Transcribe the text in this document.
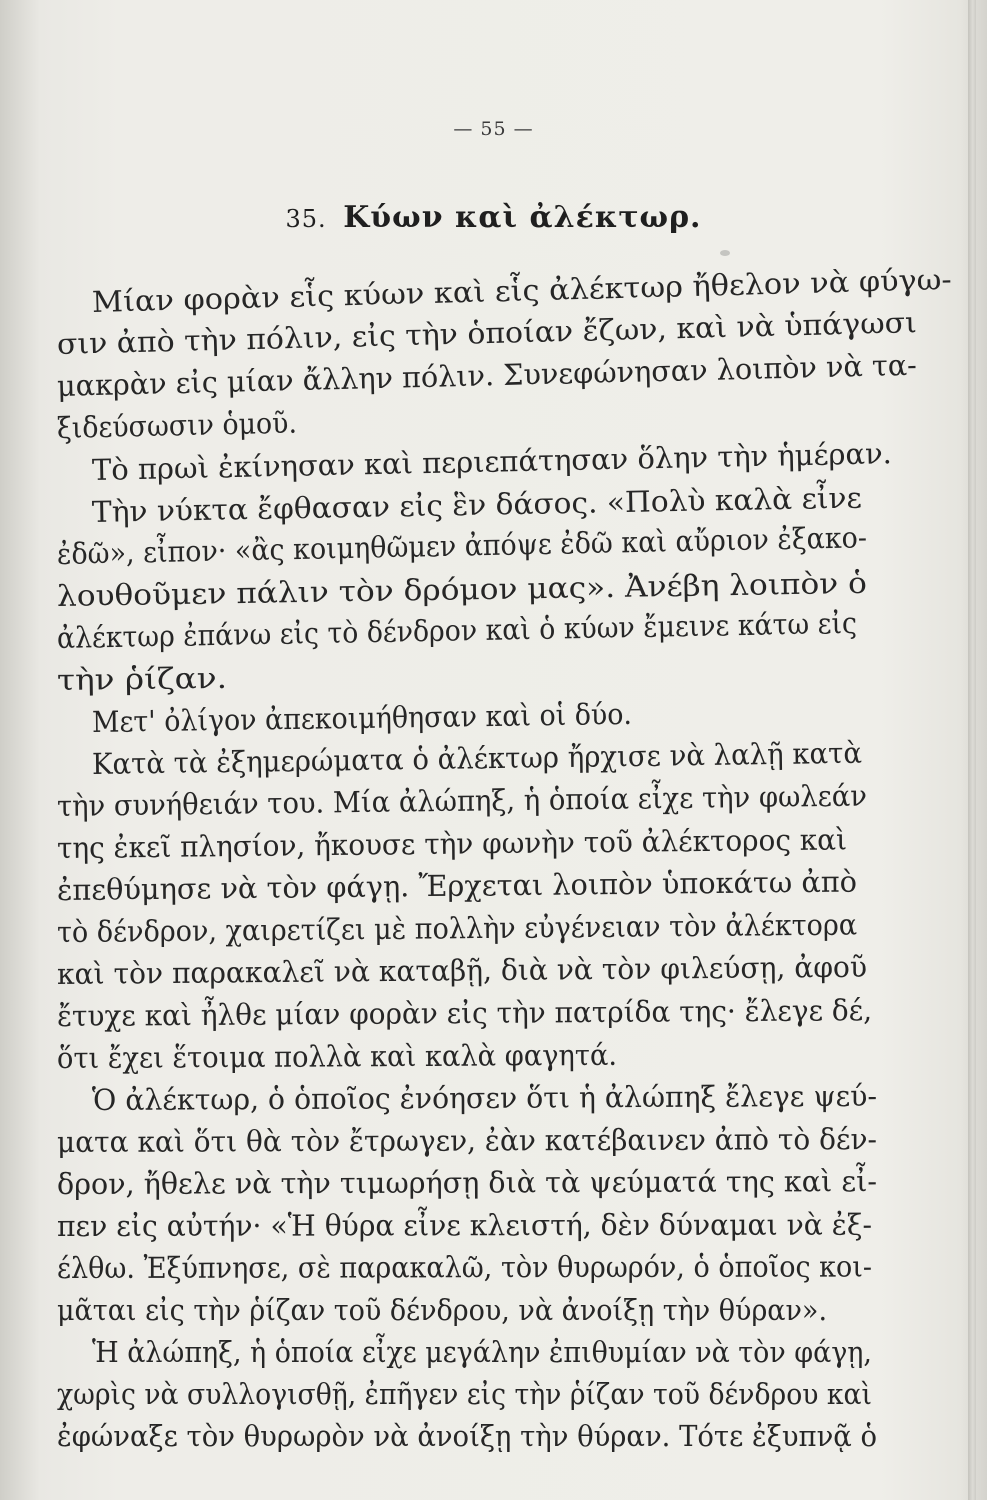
— 55 —
35. Κύων καὶ ἀλέκτωρ.
Μίαν φορὰν εἷς κύων καὶ εἷς ἀλέκτωρ ἤθελον νὰ φύγω-
σιν ἀπὸ τὴν πόλιν, εἰς τὴν ὁποίαν ἔζων, καὶ νὰ ὑπάγωσι
μακρὰν εἰς μίαν ἄλλην πόλιν. Συνεφώνησαν λοιπὸν νὰ τα-
ξιδεύσωσιν ὁμοῦ.
Τὸ πρωὶ ἐκίνησαν καὶ περιεπάτησαν ὅλην τὴν ἡμέραν.
Τὴν νύκτα ἔφθασαν εἰς ἓν δάσος. «Πολὺ καλὰ εἶνε
ἐδῶ», εἶπον· «ἂς κοιμηθῶμεν ἀπόψε ἐδῶ καὶ αὔριον ἐξακο-
λουθοῦμεν πάλιν τὸν δρόμον μας». Ἀνέβη λοιπὸν ὁ
ἀλέκτωρ ἐπάνω εἰς τὸ δένδρον καὶ ὁ κύων ἔμεινε κάτω εἰς
τὴν ῥίζαν.
Μετ' ὀλίγον ἀπεκοιμήθησαν καὶ οἱ δύο.
Κατὰ τὰ ἐξημερώματα ὁ ἀλέκτωρ ἤρχισε νὰ λαλῇ κατὰ
τὴν συνήθειάν του. Μία ἀλώπηξ, ἡ ὁποία εἶχε τὴν φωλεάν
της ἐκεῖ πλησίον, ἤκουσε τὴν φωνὴν τοῦ ἀλέκτορος καὶ
ἐπεθύμησε νὰ τὸν φάγῃ. Ἔρχεται λοιπὸν ὑποκάτω ἀπὸ
τὸ δένδρον, χαιρετίζει μὲ πολλὴν εὐγένειαν τὸν ἀλέκτορα
καὶ τὸν παρακαλεῖ νὰ καταβῇ, διὰ νὰ τὸν φιλεύσῃ, ἀφοῦ
ἔτυχε καὶ ἦλθε μίαν φορὰν εἰς τὴν πατρίδα της· ἔλεγε δέ,
ὅτι ἔχει ἕτοιμα πολλὰ καὶ καλὰ φαγητά.
Ὁ ἀλέκτωρ, ὁ ὁποῖος ἐνόησεν ὅτι ἡ ἀλώπηξ ἔλεγε ψεύ-
ματα καὶ ὅτι θὰ τὸν ἔτρωγεν, ἐὰν κατέβαινεν ἀπὸ τὸ δέν-
δρον, ἤθελε νὰ τὴν τιμωρήσῃ διὰ τὰ ψεύματά της καὶ εἶ-
πεν εἰς αὐτήν· «Ἡ θύρα εἶνε κλειστή, δὲν δύναμαι νὰ ἐξ-
έλθω. Ἐξύπνησε, σὲ παρακαλῶ, τὸν θυρωρόν, ὁ ὁποῖος κοι-
μᾶται εἰς τὴν ῥίζαν τοῦ δένδρου, νὰ ἀνοίξῃ τὴν θύραν».
Ἡ ἀλώπηξ, ἡ ὁποία εἶχε μεγάλην ἐπιθυμίαν νὰ τὸν φάγῃ,
χωρὶς νὰ συλλογισθῇ, ἐπῆγεν εἰς τὴν ῥίζαν τοῦ δένδρου καὶ
ἐφώναξε τὸν θυρωρὸν νὰ ἀνοίξῃ τὴν θύραν. Τότε ἐξυπνᾷ ὁ
